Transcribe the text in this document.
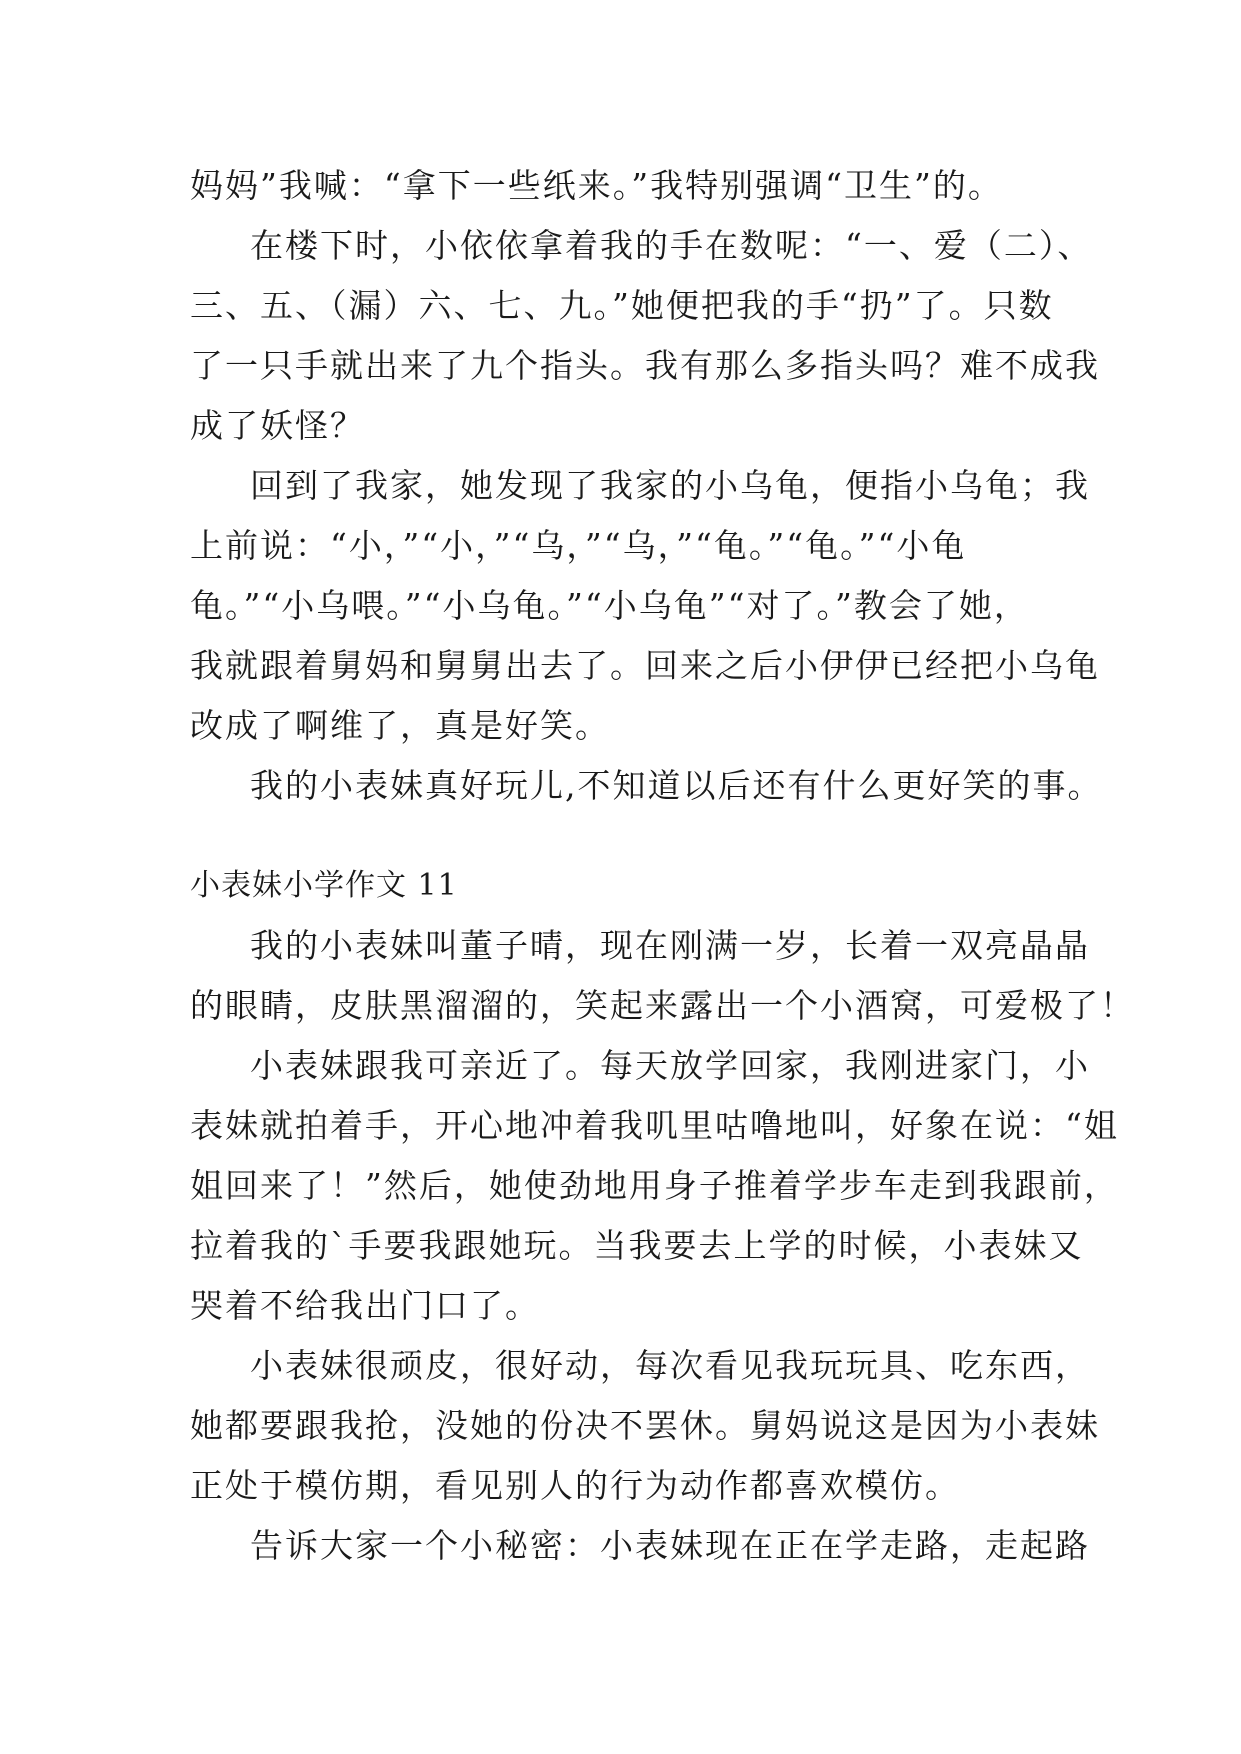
妈妈”我喊：“拿下一些纸来。”我特别强调“卫生”的。
在楼下时，小依依拿着我的手在数呢：“一、爱（二）、
三、五、（漏）六、七、九。”她便把我的手“扔”了。只数
了一只手就出来了九个指头。我有那么多指头吗？难不成我
成了妖怪？
回到了我家，她发现了我家的小乌龟，便指小乌龟；我
上前说：“小，”“小，”“乌，”“乌，”“龟。”“龟。”“小龟
龟。”“小乌喂。”“小乌龟。”“小乌龟”“对了。”教会了她，
我就跟着舅妈和舅舅出去了。回来之后小伊伊已经把小乌龟
改成了啊维了，真是好笑。
我的小表妹真好玩儿,不知道以后还有什么更好笑的事。
小表妹小学作文 11
我的小表妹叫董子晴，现在刚满一岁，长着一双亮晶晶
的眼睛，皮肤黑溜溜的，笑起来露出一个小酒窝，可爱极了！
小表妹跟我可亲近了。每天放学回家，我刚进家门，小
表妹就拍着手，开心地冲着我叽里咕噜地叫，好象在说：“姐
姐回来了！”然后，她使劲地用身子推着学步车走到我跟前，
拉着我的`手要我跟她玩。当我要去上学的时候，小表妹又
哭着不给我出门口了。
小表妹很顽皮，很好动，每次看见我玩玩具、吃东西，
她都要跟我抢，没她的份决不罢休。舅妈说这是因为小表妹
正处于模仿期，看见别人的行为动作都喜欢模仿。
告诉大家一个小秘密：小表妹现在正在学走路，走起路
